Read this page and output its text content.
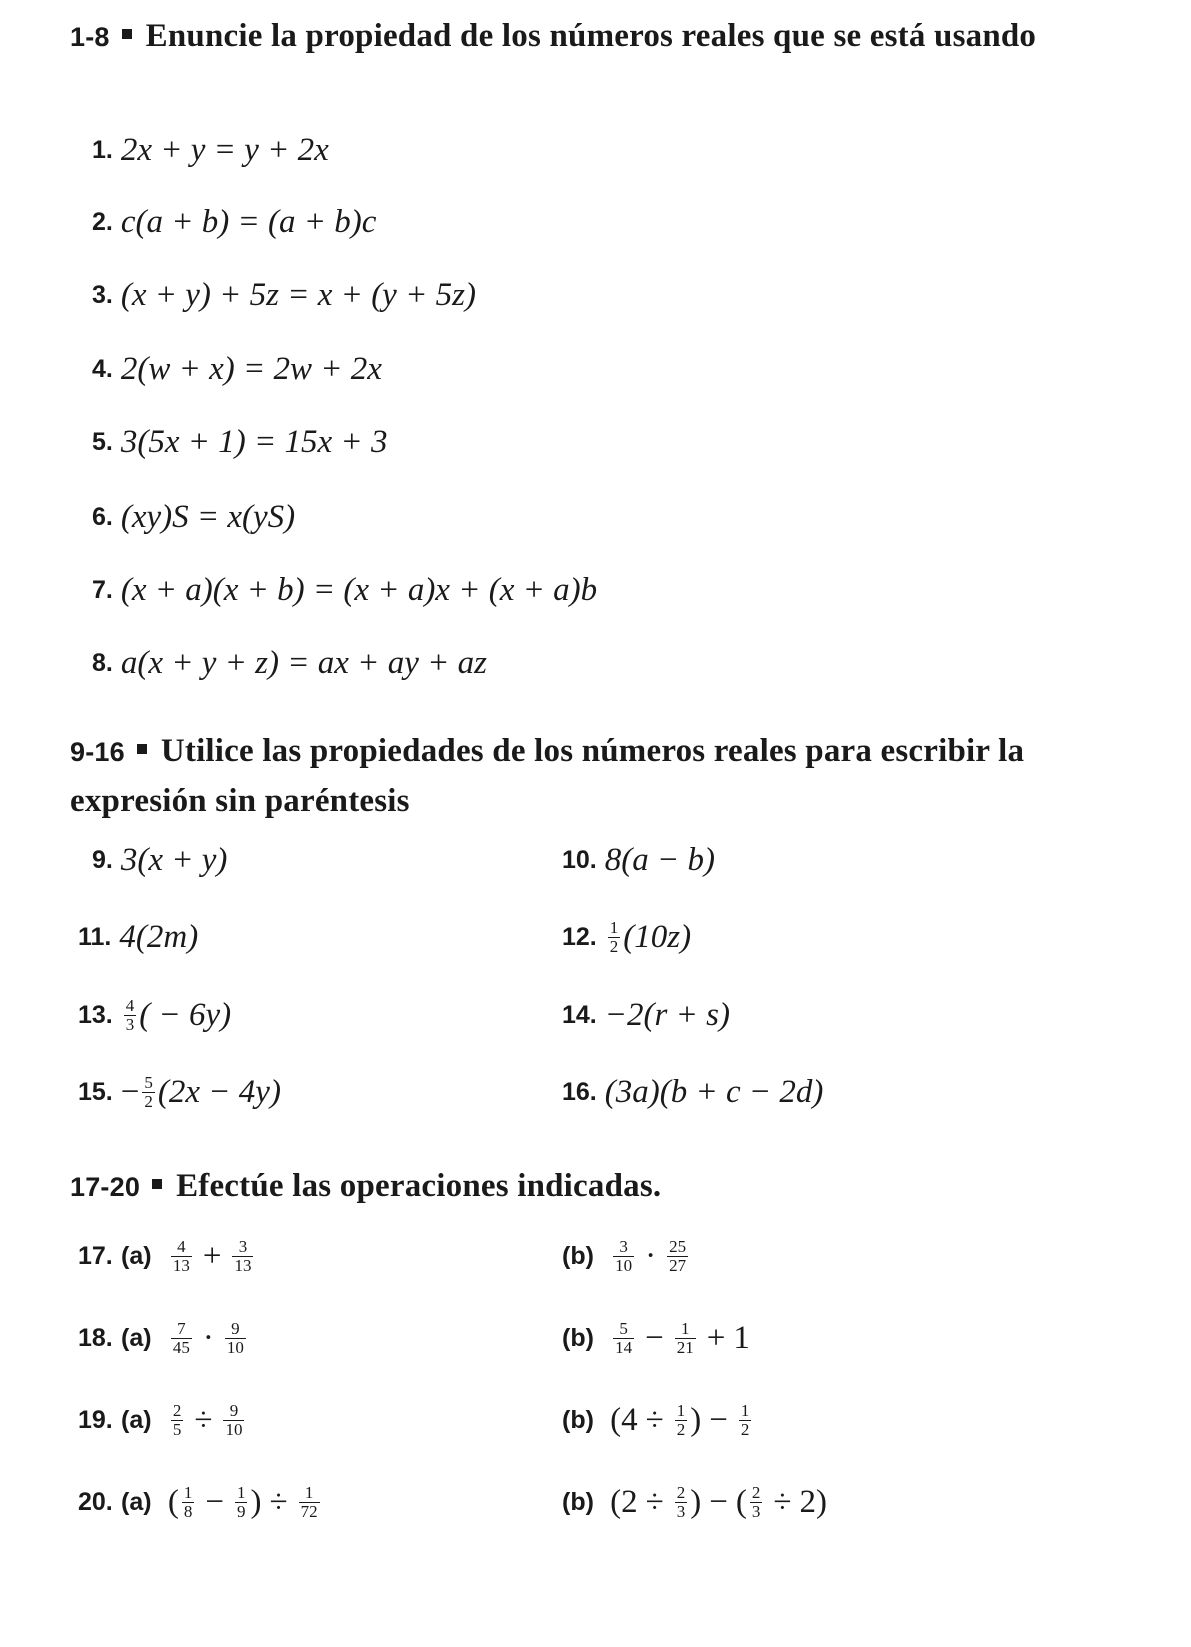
1-8 Enuncie la propiedad de los números reales que se está usando
1. 2x + y = y + 2x
2. c(a + b) = (a + b)c
3. (x + y) + 5z = x + (y + 5z)
4. 2(w + x) = 2w + 2x
5. 3(5x + 1) = 15x + 3
6. (xy)S = x(yS)
7. (x + a)(x + b) = (x + a)x + (x + a)b
8. a(x + y + z) = ax + ay + az
9-16 Utilice las propiedades de los números reales para escribir la expresión sin paréntesis
9. 3(x + y)	10. 8(a − b)
11. 4(2m)	12. $\frac{1}{2} (10z)$
13. $\frac{4}{3}$ ( − 6y)	14. −2(r + s)
15. − $\frac{5}{2} (2x - 4y)$	16. (3a)(b + c − 2d)
17-20 Efectúe las operaciones indicadas.
17. $(a) \frac{4}{13} + \frac{3}{13}$	$(b) \frac{3}{10} \cdot \frac{25}{27}$
18. $(a) \frac{7}{45} \cdot \frac{9}{10}$	$(b) \frac{5}{14} - \frac{1}{21} + 1$
19. $(a) \frac{2}{5} \div \frac{9}{10}$	(b) ($4 \div \frac{1}{2}$ ) − $\frac{1}{2}$
20. (a) ( $\frac{1}{8} - \frac{1}{9}$ ) ÷ $\frac{1}{72}$	(b) ($2 \div \frac{2}{3}$ ) − ( $\frac{2}{3} \div 2$)
